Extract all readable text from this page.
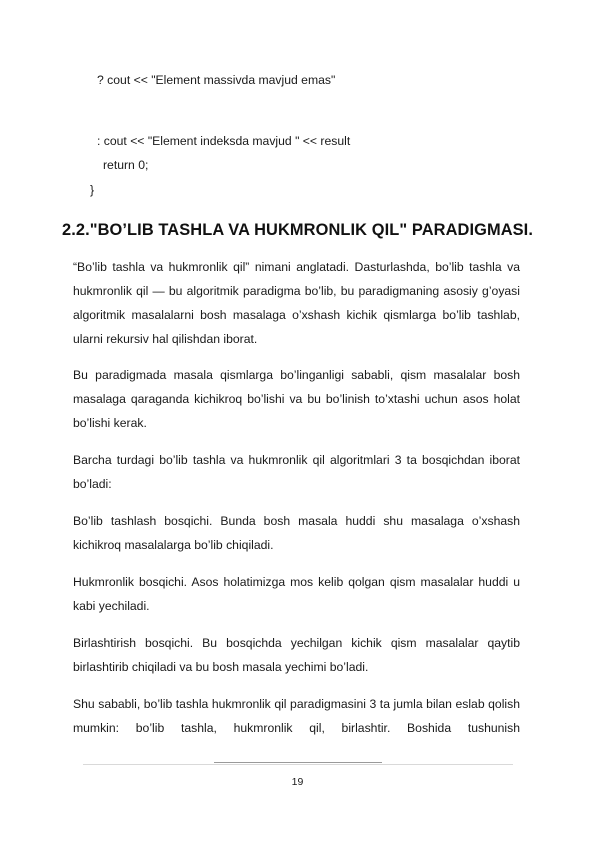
? cout << "Element massivda mavjud emas"
: cout << "Element indeksda mavjud " << result
return 0;
}
2.2."BO’LIB TASHLA VA HUKMRONLIK QIL" PARADIGMASI.

“Bo’lib tashla va hukmronlik qil” nimani anglatadi. Dasturlashda, bo’lib tashla va hukmronlik qil — bu algoritmik paradigma bo’lib, bu paradigmaning asosiy g’oyasi algoritmik masalalarni bosh masalaga o’xshash kichik qismlarga bo’lib tashlab, ularni rekursiv hal qilishdan iborat.

Bu paradigmada masala qismlarga bo’linganligi sababli, qism masalalar bosh masalaga qaraganda kichikroq bo’lishi va bu bo’linish to’xtashi uchun asos holat bo’lishi kerak.

Barcha turdagi bo’lib tashla va hukmronlik qil algoritmlari 3 ta bosqichdan iborat bo’ladi:

Bo’lib tashlash bosqichi. Bunda bosh masala huddi shu masalaga o’xshash kichikroq masalalarga bo’lib chiqiladi.

Hukmronlik bosqichi. Asos holatimizga mos kelib qolgan qism masalalar huddi u kabi yechiladi.

Birlashtirish bosqichi. Bu bosqichda yechilgan kichik qism masalalar qaytib birlashtirib chiqiladi va bu bosh masala yechimi bo’ladi.

Shu sababli, bo’lib tashla hukmronlik qil paradigmasini 3 ta jumla bilan eslab qolish mumkin: bo’lib tashla, hukmronlik qil, birlashtir. Boshida tushunish

19
